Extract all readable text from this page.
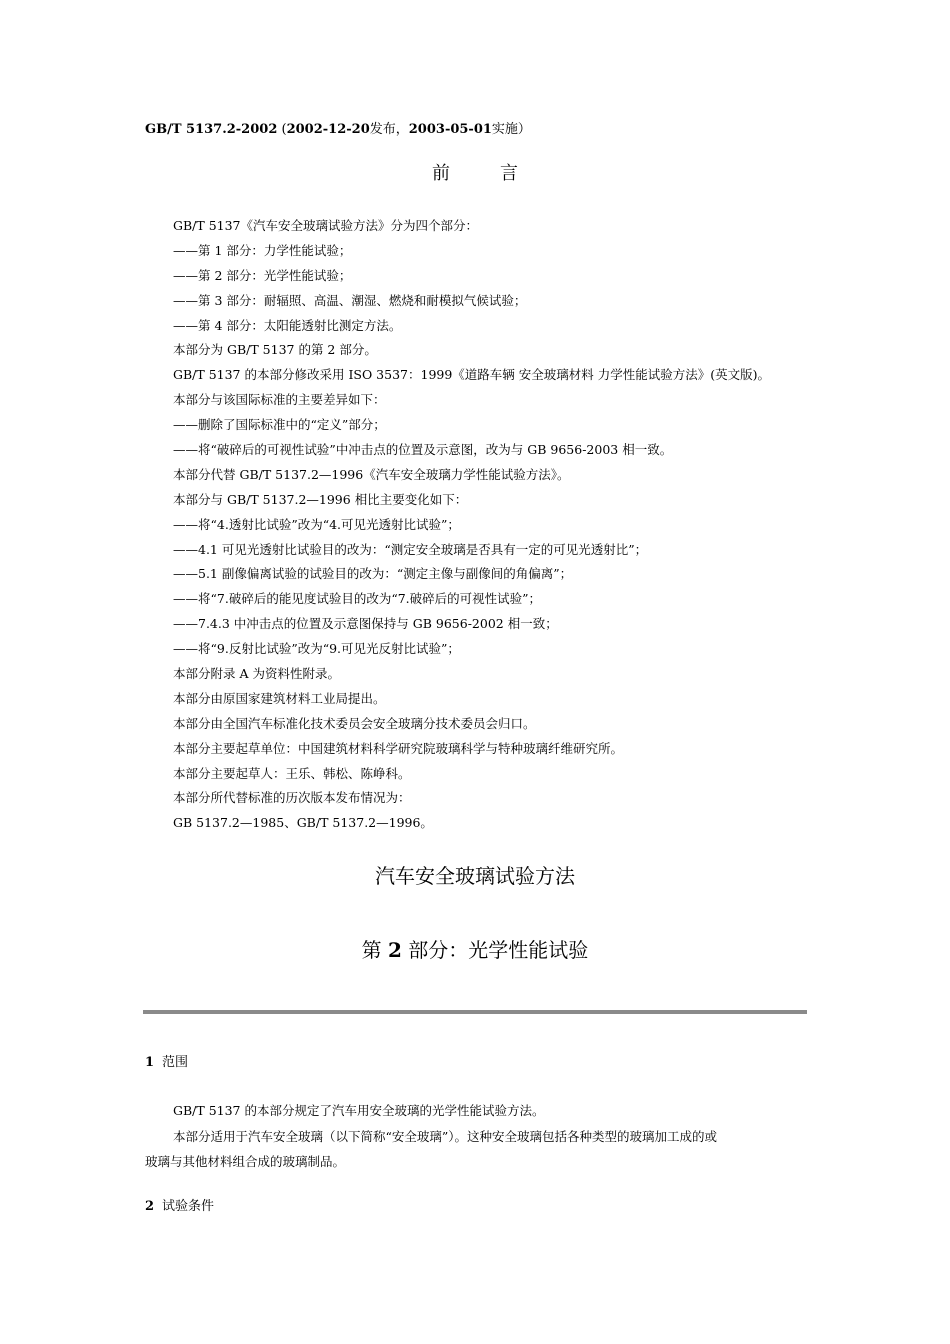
GB/T 5137.2-2002 (2002-12-20发布，2003-05-01实施）
前言
GB/T 5137《汽车安全玻璃试验方法》分为四个部分：
——第 1 部分：力学性能试验；
——第 2 部分：光学性能试验；
——第 3 部分：耐辐照、高温、潮湿、燃烧和耐模拟气候试验；
——第 4 部分：太阳能透射比测定方法。
本部分为 GB/T 5137 的第 2 部分。
GB/T 5137 的本部分修改采用 ISO 3537：1999《道路车辆 安全玻璃材料 力学性能试验方法》(英文版)。
本部分与该国际标准的主要差异如下：
——删除了国际标准中的“定义”部分；
——将“破碎后的可视性试验”中冲击点的位置及示意图，改为与 GB 9656-2003 相一致。
本部分代替 GB/T 5137.2—1996《汽车安全玻璃力学性能试验方法》。
本部分与 GB/T 5137.2—1996 相比主要变化如下：
——将“4.透射比试验”改为“4.可见光透射比试验”；
——4.1 可见光透射比试验目的改为：“测定安全玻璃是否具有一定的可见光透射比”；
——5.1 副像偏离试验的试验目的改为：“测定主像与副像间的角偏离”；
——将“7.破碎后的能见度试验目的改为“7.破碎后的可视性试验”；
——7.4.3 中冲击点的位置及示意图保持与 GB 9656-2002 相一致；
——将“9.反射比试验”改为“9.可见光反射比试验”；
本部分附录 A 为资料性附录。
本部分由原国家建筑材料工业局提出。
本部分由全国汽车标准化技术委员会安全玻璃分技术委员会归口。
本部分主要起草单位：中国建筑材料科学研究院玻璃科学与特种玻璃纤维研究所。
本部分主要起草人：王乐、韩松、陈峥科。
本部分所代替标准的历次版本发布情况为：
GB 5137.2—1985、GB/T 5137.2—1996。
汽车安全玻璃试验方法
第 2 部分：光学性能试验
1 范围
GB/T 5137 的本部分规定了汽车用安全玻璃的光学性能试验方法。
本部分适用于汽车安全玻璃（以下简称“安全玻璃”）。这种安全玻璃包括各种类型的玻璃加工成的或
玻璃与其他材料组合成的玻璃制品。
2 试验条件
